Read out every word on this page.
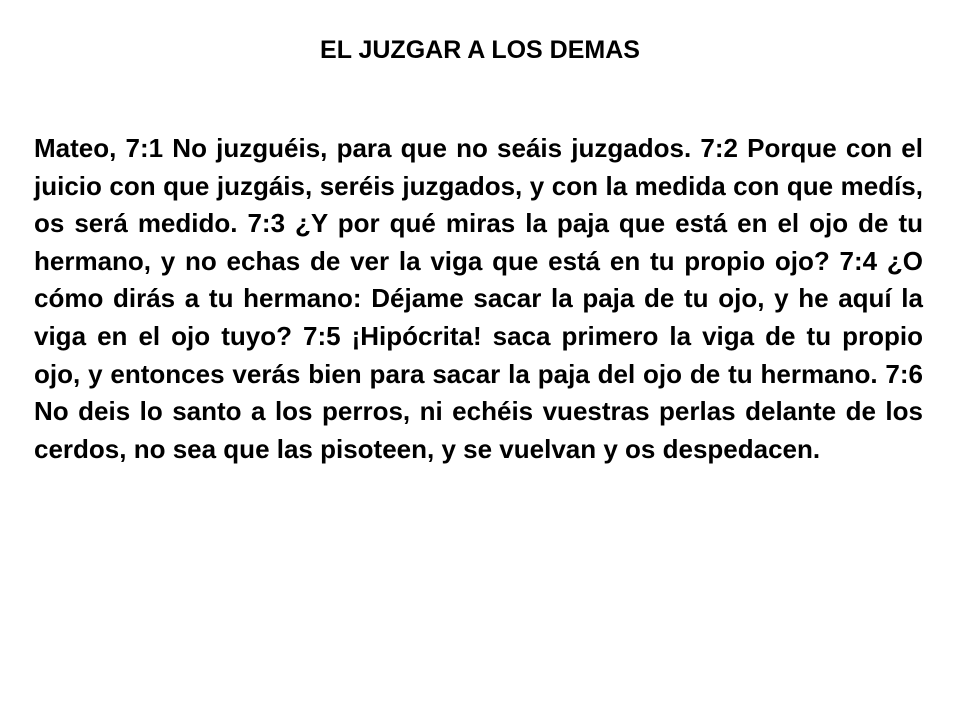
EL JUZGAR A LOS DEMAS

Mateo, 7:1 No juzguéis, para que no seáis juzgados. 7:2 Porque con el juicio con que juzgáis, seréis juzgados, y con la medida con que medís, os será medido. 7:3 ¿Y por qué miras la paja que está en el ojo de tu hermano, y no echas de ver la viga que está en tu propio ojo? 7:4 ¿O cómo dirás a tu hermano: Déjame sacar la paja de tu ojo, y he aquí la viga en el ojo tuyo? 7:5 ¡Hipócrita! saca primero la viga de tu propio ojo, y entonces verás bien para sacar la paja del ojo de tu hermano. 7:6 No deis lo santo a los perros, ni echéis vuestras perlas delante de los cerdos, no sea que las pisoteen, y se vuelvan y os despedacen.
